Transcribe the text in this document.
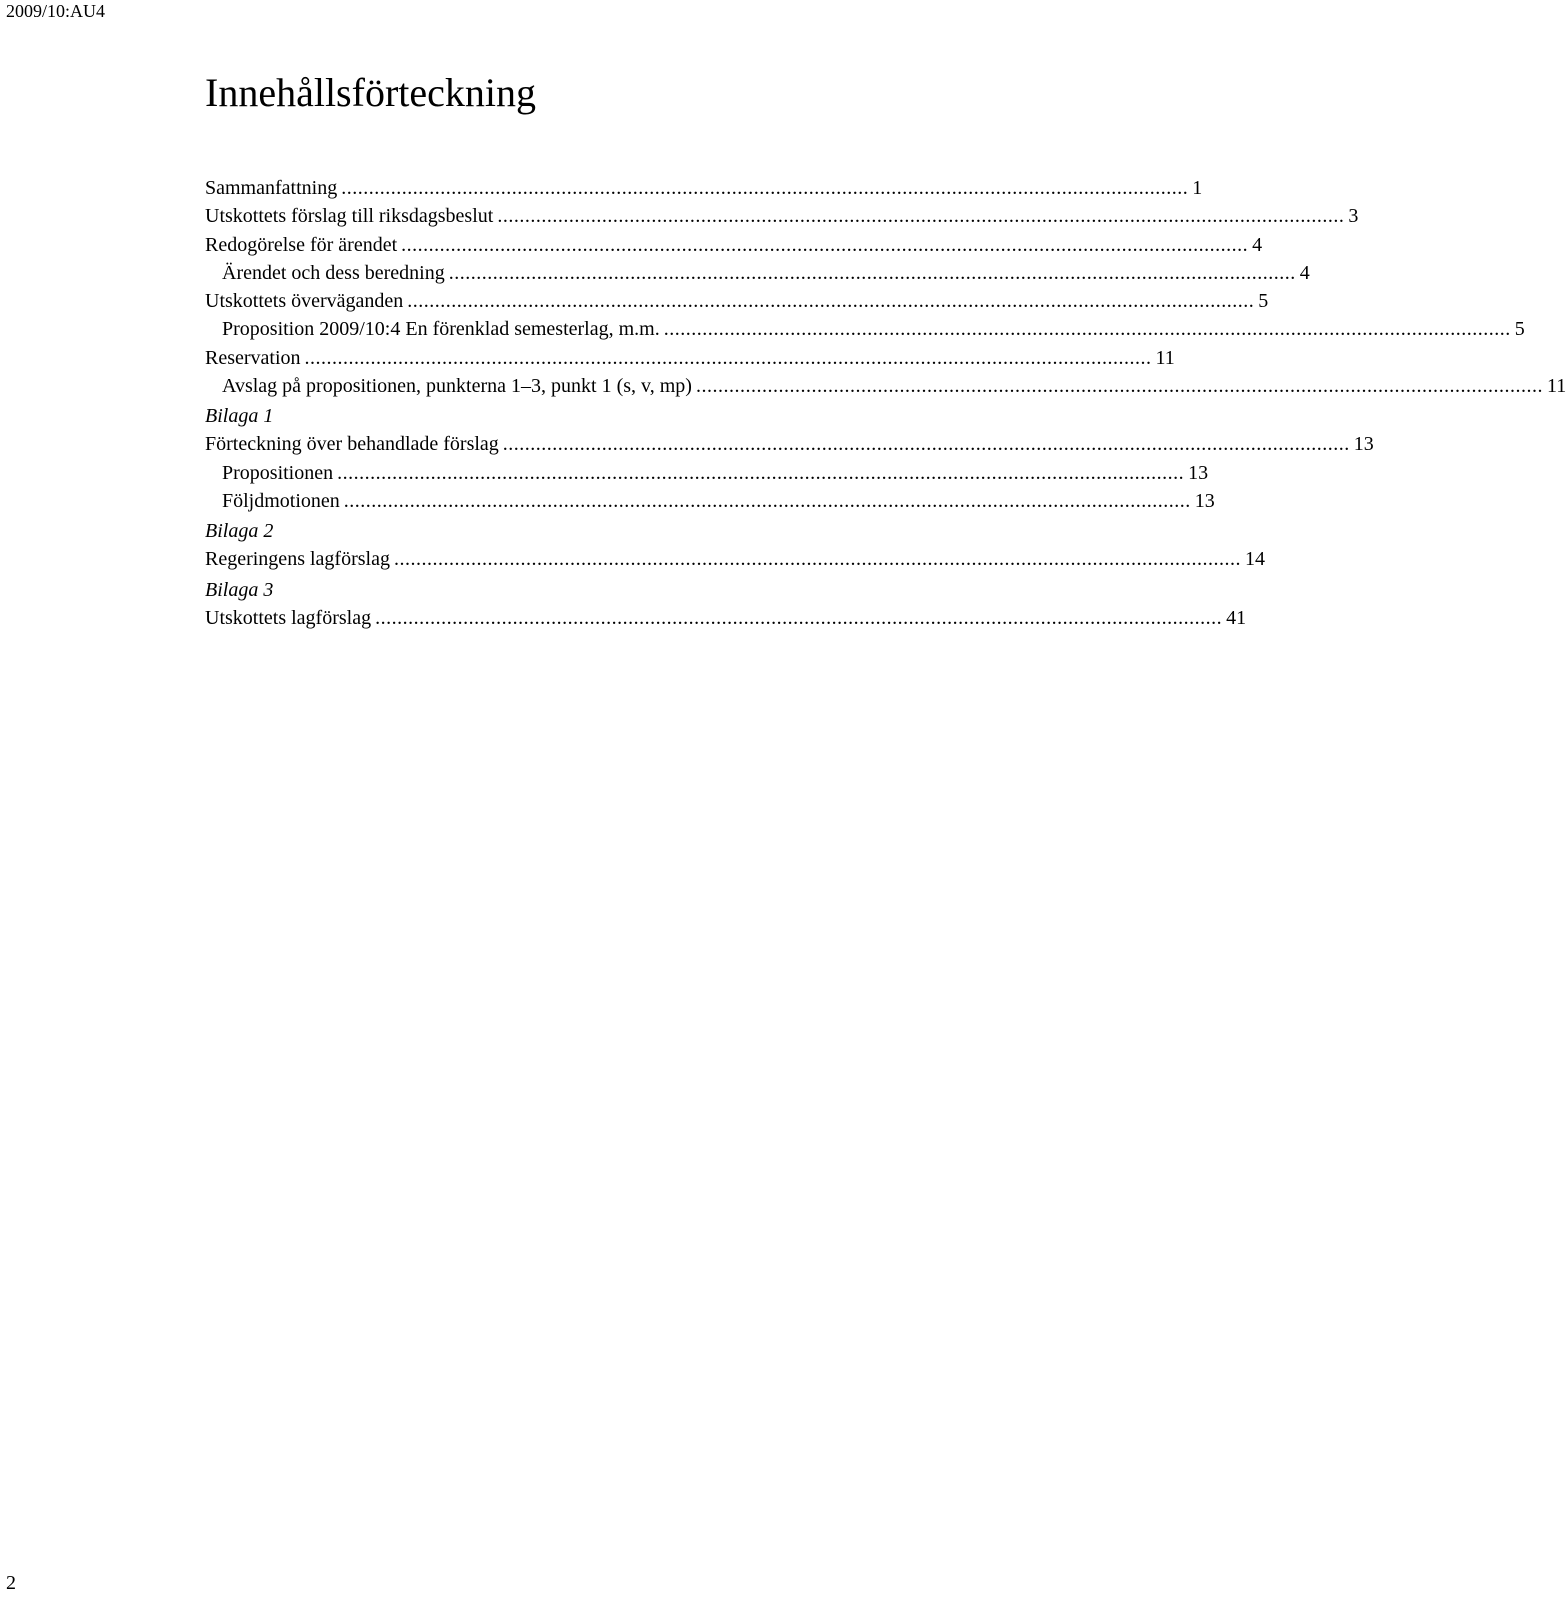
2009/10:AU4
Innehållsförteckning
Sammanfattning .......................................................................................................................................................... 1
Utskottets förslag till riksdagsbeslut .......................................................................................................................................................... 3
Redogörelse för ärendet .......................................................................................................................................................... 4
Ärendet och dess beredning .......................................................................................................................................................... 4
Utskottets överväganden .......................................................................................................................................................... 5
Proposition 2009/10:4 En förenklad semesterlag, m.m. .......................................................................................................................................................... 5
Reservation .......................................................................................................................................................... 11
Avslag på propositionen, punkterna 1–3, punkt 1 (s, v, mp) .......................................................................................................................................................... 11
Bilaga 1
Förteckning över behandlade förslag .......................................................................................................................................................... 13
Propositionen .......................................................................................................................................................... 13
Följdmotionen .......................................................................................................................................................... 13
Bilaga 2
Regeringens lagförslag .......................................................................................................................................................... 14
Bilaga 3
Utskottets lagförslag .......................................................................................................................................................... 41
2
